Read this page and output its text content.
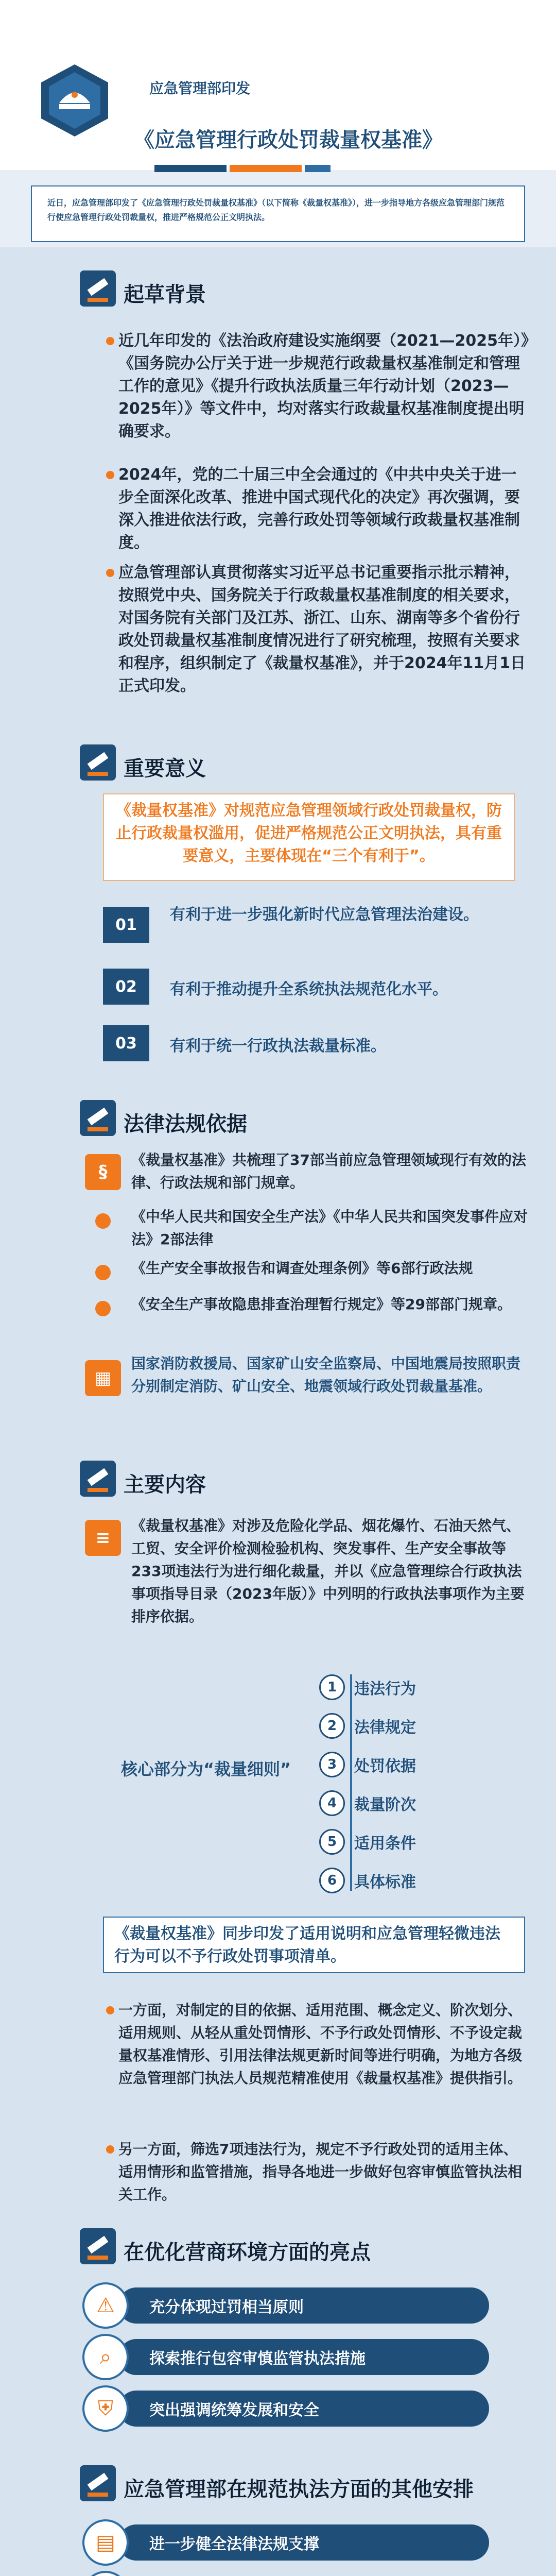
应急管理部印发
《应急管理行政处罚裁量权基准》
近日，应急管理部印发了《应急管理行政处罚裁量权基准》（以下简称《裁量权基准》），进一步指导地方各级应急管理部门规范行使应急管理行政处罚裁量权，推进严格规范公正文明执法。
起草背景
近几年印发的《法治政府建设实施纲要（2021—2025年）》《国务院办公厅关于进一步规范行政裁量权基准制定和管理工作的意见》《提升行政执法质量三年行动计划（2023—2025年）》等文件中，均对落实行政裁量权基准制度提出明确要求。
2024年，党的二十届三中全会通过的《中共中央关于进一步全面深化改革、推进中国式现代化的决定》再次强调，要深入推进依法行政，完善行政处罚等领域行政裁量权基准制度。
应急管理部认真贯彻落实习近平总书记重要指示批示精神，按照党中央、国务院关于行政裁量权基准制度的相关要求，对国务院有关部门及江苏、浙江、山东、湖南等多个省份行政处罚裁量权基准制度情况进行了研究梳理，按照有关要求和程序，组织制定了《裁量权基准》，并于2024年11月1日正式印发。
重要意义
《裁量权基准》对规范应急管理领域行政处罚裁量权，防止行政裁量权滥用，促进严格规范公正文明执法，具有重要意义，主要体现在“三个有利于”。
01
有利于进一步强化新时代应急管理法治建设。
02	有利于推动提升全系统执法规范化水平。
03	有利于统一行政执法裁量标准。
法律法规依据
§
《裁量权基准》共梳理了37部当前应急管理领域现行有效的法律、行政法规和部门规章。
《中华人民共和国安全生产法》《中华人民共和国突发事件应对法》2部法律
《生产安全事故报告和调查处理条例》等6部行政法规
《安全生产事故隐患排查治理暂行规定》等29部部门规章。
▦
国家消防救援局、国家矿山安全监察局、中国地震局按照职责分别制定消防、矿山安全、地震领域行政处罚裁量基准。
主要内容
≡
《裁量权基准》对涉及危险化学品、烟花爆竹、石油天然气、工贸、安全评价检测检验机构、突发事件、生产安全事故等233项违法行为进行细化裁量，并以《应急管理综合行政执法事项指导目录（2023年版）》中列明的行政执法事项作为主要排序依据。
核心部分为“裁量细则”
1	违法行为
2	法律规定
3	处罚依据
4	裁量阶次
5	适用条件
6	具体标准
《裁量权基准》同步印发了适用说明和应急管理轻微违法行为可以不予行政处罚事项清单。
一方面，对制定的目的依据、适用范围、概念定义、阶次划分、适用规则、从轻从重处罚情形、不予行政处罚情形、不予设定裁量权基准情形、引用法律法规更新时间等进行明确，为地方各级应急管理部门执法人员规范精准使用《裁量权基准》提供指引。
另一方面，筛选7项违法行为，规定不予行政处罚的适用主体、适用情形和监管措施，指导各地进一步做好包容审慎监管执法相关工作。
在优化营商环境方面的亮点
充分体现过罚相当原则
⚠
探索推行包容审慎监管执法措施
⌕
突出强调统筹发展和安全
⛨
应急管理部在规范执法方面的其他安排
进一步健全法律法规支撑
▤
